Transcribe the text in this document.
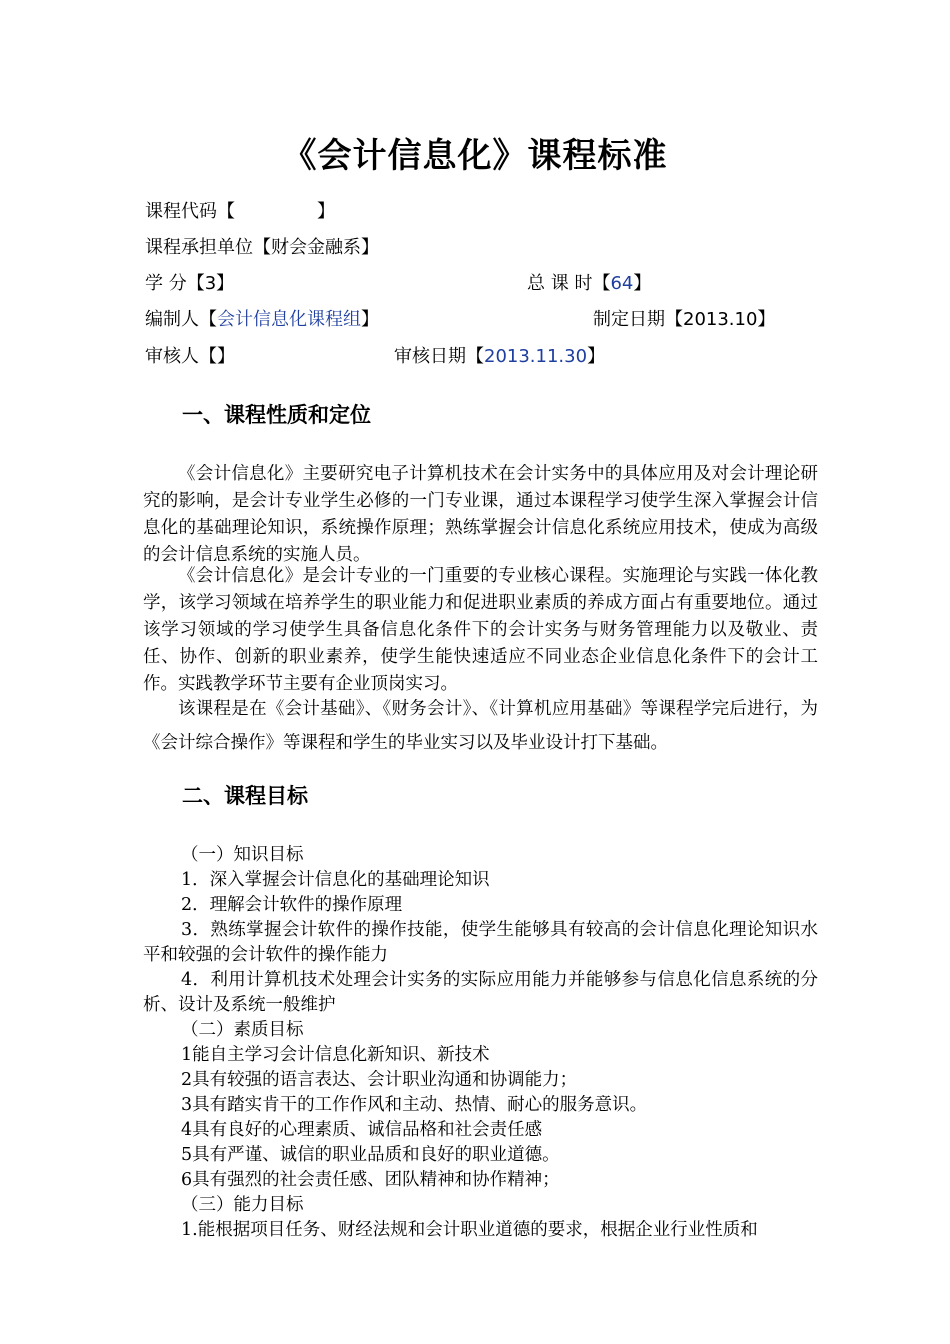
《会计信息化》课程标准
课程代码【	】
课程承担单位【财会金融系】
学 分【3】	总 课 时【64】
编制人【会计信息化课程组】	制定日期【2013.10】
审核人【】	审核日期【2013.11.30】
一、课程性质和定位

《会计信息化》主要研究电子计算机技术在会计实务中的具体应用及对会计理论研究的影响，是会计专业学生必修的一门专业课，通过本课程学习使学生深入掌握会计信息化的基础理论知识，系统操作原理；熟练掌握会计信息化系统应用技术，使成为高级的会计信息系统的实施人员。

《会计信息化》是会计专业的一门重要的专业核心课程。实施理论与实践一体化教学，该学习领域在培养学生的职业能力和促进职业素质的养成方面占有重要地位。通过该学习领域的学习使学生具备信息化条件下的会计实务与财务管理能力以及敬业、责任、协作、创新的职业素养，使学生能快速适应不同业态企业信息化条件下的会计工作。实践教学环节主要有企业顶岗实习。

该课程是在《会计基础》、《财务会计》、《计算机应用基础》等课程学完后进行，为《会计综合操作》等课程和学生的毕业实习以及毕业设计打下基础。

二、课程目标
（一）知识目标
1．深入掌握会计信息化的基础理论知识
2．理解会计软件的操作原理
3．熟练掌握会计软件的操作技能，使学生能够具有较高的会计信息化理论知识水平和较强的会计软件的操作能力
4．利用计算机技术处理会计实务的实际应用能力并能够参与信息化信息系统的分析、设计及系统一般维护
（二）素质目标
1能自主学习会计信息化新知识、新技术
2具有较强的语言表达、会计职业沟通和协调能力；
3具有踏实肯干的工作作风和主动、热情、耐心的服务意识。
4具有良好的心理素质、诚信品格和社会责任感
5具有严谨、诚信的职业品质和良好的职业道德。
6具有强烈的社会责任感、团队精神和协作精神；
（三）能力目标
1.能根据项目任务、财经法规和会计职业道德的要求，根据企业行业性质和
